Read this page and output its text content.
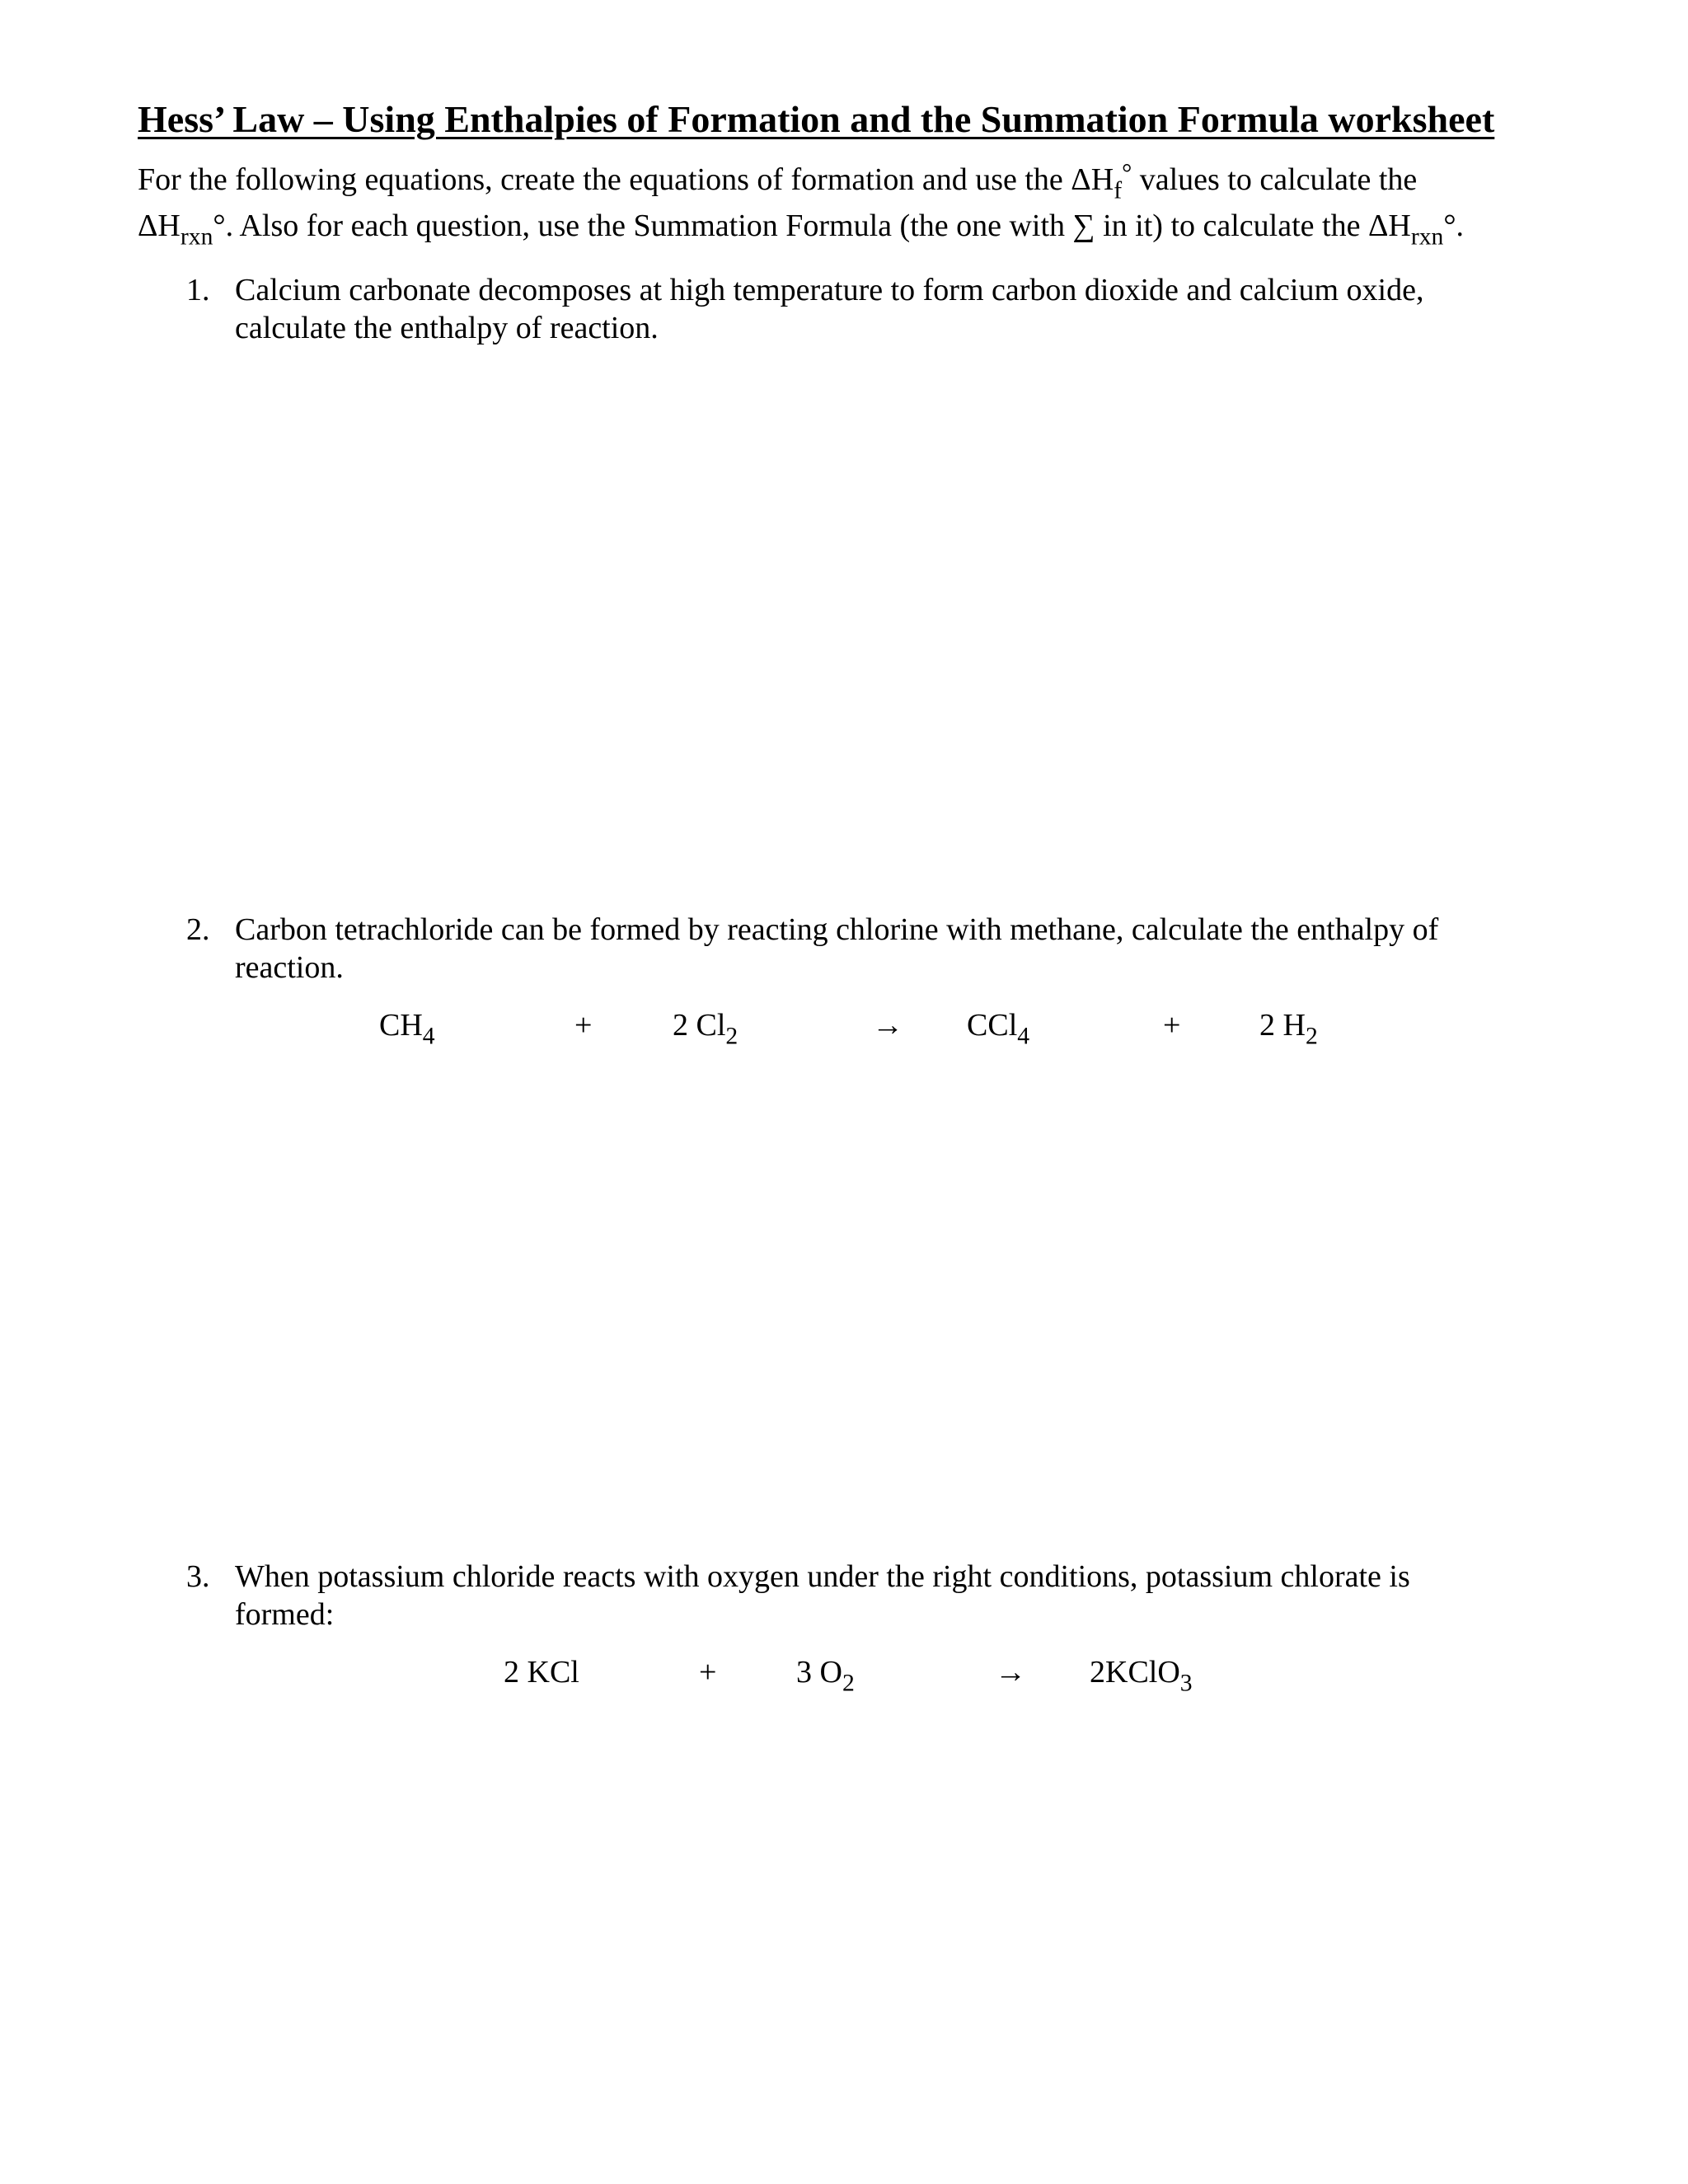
Hess’ Law – Using Enthalpies of Formation and the Summation Formula worksheet

For the following equations, create the equations of formation and use the $\Delta H_f^\circ$ values to calculate the

$\Delta H_{rxn}^\circ$. Also for each question, use the Summation Formula (the one with ∑ in it) to calculate the $\Delta H_{rxn}^\circ$.

1. Calcium carbonate decomposes at high temperature to form carbon dioxide and calcium oxide,
calculate the enthalpy of reaction.
2. Carbon tetrachloride can be formed by reacting chlorine with methane, calculate the enthalpy of
reaction.
$CH_4$	+	2 $Cl_2$	→ CCl$_4$	+	2 $H_2$
3. When potassium chloride reacts with oxygen under the right conditions, potassium chlorate is
formed:
2 KCl	+	3 $O_2$	→ 2KClO$_3$
